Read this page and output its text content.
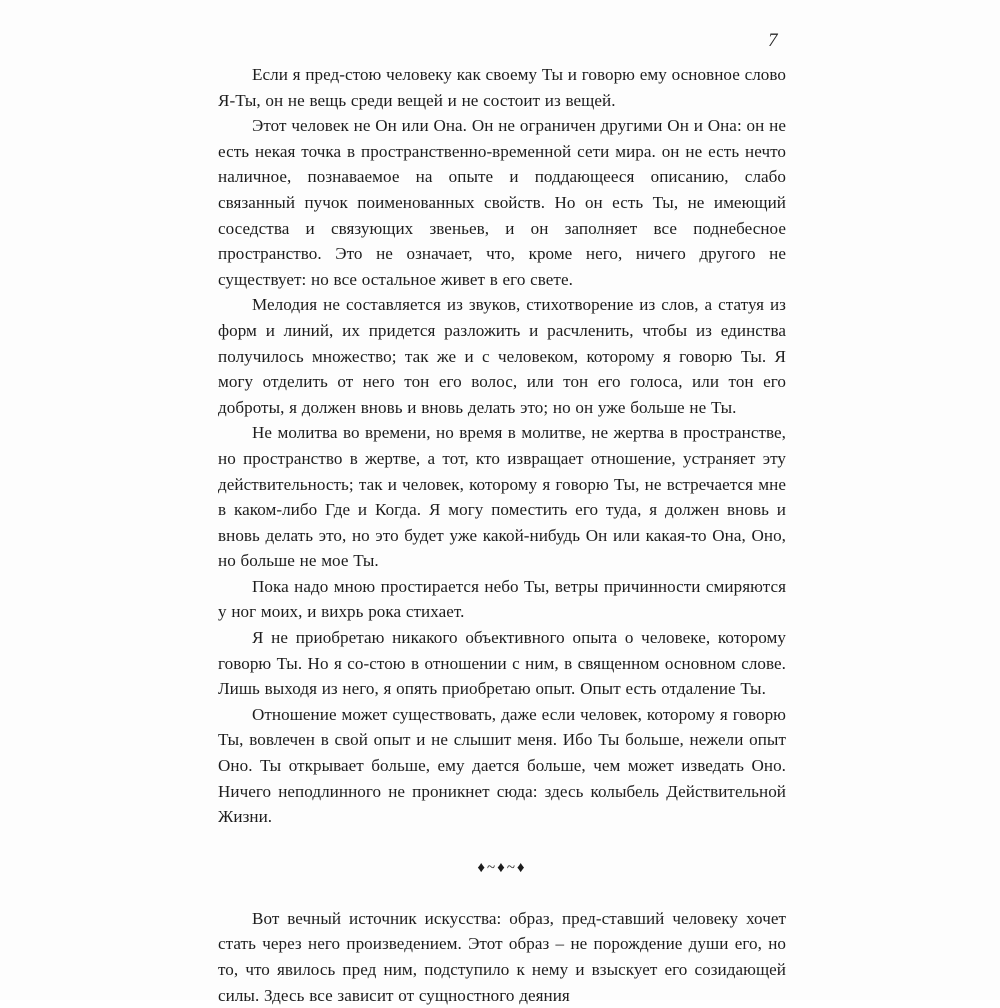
7

Если я пред-стою человеку как своему Ты и говорю ему основное слово Я-Ты, он не вещь среди вещей и не состоит из вещей.

Этот человек не Он или Она. Он не ограничен другими Он и Она: он не есть некая точка в пространственно-временной сети мира. он не есть нечто наличное, познаваемое на опыте и поддающееся описанию, слабо связанный пучок поименованных свойств. Но он есть Ты, не имеющий соседства и связующих звеньев, и он заполняет все поднебесное пространство. Это не означает, что, кроме него, ничего другого не существует: но все остальное живет в его свете.

Мелодия не составляется из звуков, стихотворение из слов, а статуя из форм и линий, их придется разложить и расчленить, чтобы из единства получилось множество; так же и с человеком, которому я говорю Ты. Я могу отделить от него тон его волос, или тон его голоса, или тон его доброты, я должен вновь и вновь делать это; но он уже больше не Ты.

Не молитва во времени, но время в молитве, не жертва в пространстве, но пространство в жертве, а тот, кто извращает отношение, устраняет эту действительность; так и человек, которому я говорю Ты, не встречается мне в каком-либо Где и Когда. Я могу поместить его туда, я должен вновь и вновь делать это, но это будет уже какой-нибудь Он или какая-то Она, Оно, но больше не мое Ты.

Пока надо мною простирается небо Ты, ветры причинности смиряются у ног моих, и вихрь рока стихает.

Я не приобретаю никакого объективного опыта о человеке, которому говорю Ты. Но я со-стою в отношении с ним, в священном основном слове. Лишь выходя из него, я опять приобретаю опыт. Опыт есть отдаление Ты.

Отношение может существовать, даже если человек, которому я говорю Ты, вовлечен в свой опыт и не слышит меня. Ибо Ты больше, нежели опыт Оно. Ты открывает больше, ему дается больше, чем может изведать Оно. Ничего неподлинного не проникнет сюда: здесь колыбель Действительной Жизни.

♦~♦~♦

Вот вечный источник искусства: образ, пред-ставший человеку хочет стать через него произведением. Этот образ – не порождение души его, но то, что явилось пред ним, подступило к нему и взыскует его созидающей силы. Здесь все зависит от сущностного деяния
